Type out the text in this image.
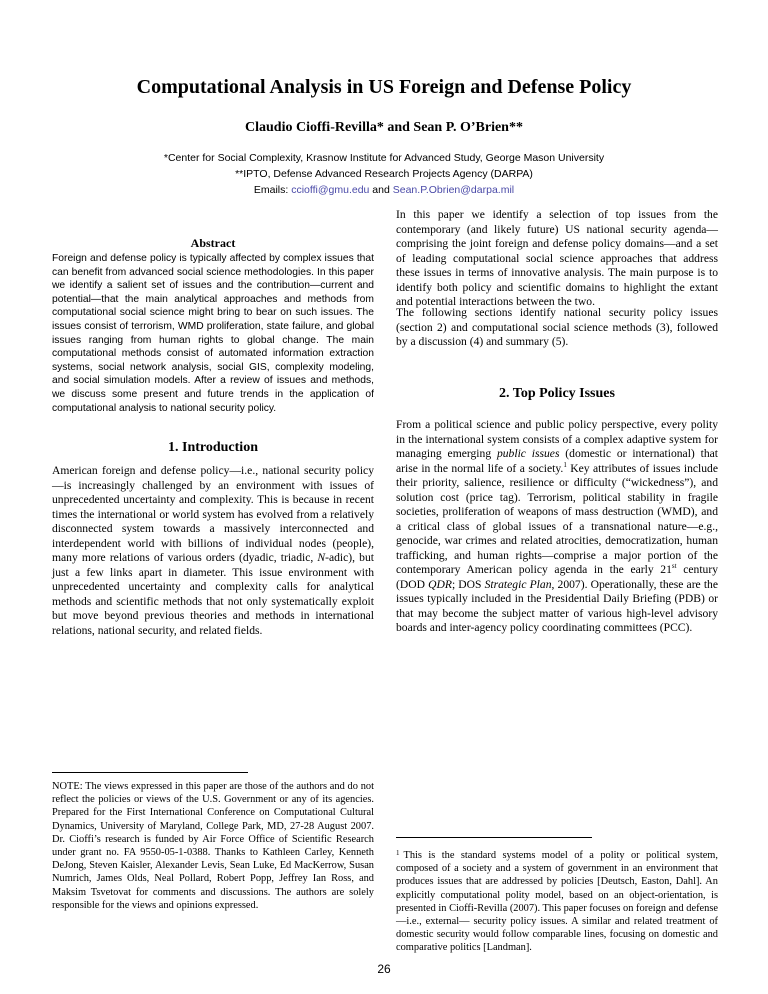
Computational Analysis in US Foreign and Defense Policy
Claudio Cioffi-Revilla* and Sean P. O’Brien**
*Center for Social Complexity, Krasnow Institute for Advanced Study, George Mason University
**IPTO, Defense Advanced Research Projects Agency (DARPA)
Emails: ccioffi@gmu.edu and Sean.P.Obrien@darpa.mil
Abstract
Foreign and defense policy is typically affected by complex issues that can benefit from advanced social science methodologies. In this paper we identify a salient set of issues and the contribution—current and potential—that the main analytical approaches and methods from computational social science might bring to bear on such issues. The issues consist of terrorism, WMD proliferation, state failure, and global issues ranging from human rights to global change. The main computational methods consist of automated information extraction systems, social network analysis, social GIS, complexity modeling, and social simulation models. After a review of issues and methods, we discuss some present and future trends in the application of computational analysis to national security policy.
In this paper we identify a selection of top issues from the contemporary (and likely future) US national security agenda—comprising the joint foreign and defense policy domains—and a set of leading computational social science approaches that address these issues in terms of innovative analysis. The main purpose is to identify both policy and scientific domains to highlight the extant and potential interactions between the two.
The following sections identify national security policy issues (section 2) and computational social science methods (3), followed by a discussion (4) and summary (5).
2. Top Policy Issues
From a political science and public policy perspective, every polity in the international system consists of a complex adaptive system for managing emerging public issues (domestic or international) that arise in the normal life of a society.$^1$ Key attributes of issues include their priority, salience, resilience or difficulty (“wickedness”), and solution cost (price tag). Terrorism, political stability in fragile societies, proliferation of weapons of mass destruction (WMD), and a critical class of global issues of a transnational nature—e.g., genocide, war crimes and related atrocities, democratization, human trafficking, and human rights—comprise a major portion of the contemporary American policy agenda in the early 21st century (DOD QDR; DOS Strategic Plan, 2007). Operationally, these are the issues typically included in the Presidential Daily Briefing (PDB) or that may become the subject matter of various high-level advisory boards and inter-agency policy coordinating committees (PCC).
1. Introduction
American foreign and defense policy—i.e., national security policy—is increasingly challenged by an environment with issues of unprecedented uncertainty and complexity. This is because in recent times the international or world system has evolved from a relatively disconnected system towards a massively interconnected and interdependent world with billions of individual nodes (people), many more relations of various orders (dyadic, triadic, N-adic), but just a few links apart in diameter. This issue environment with unprecedented uncertainty and complexity calls for analytical methods and scientific methods that not only systematically exploit but move beyond previous theories and methods in international relations, national security, and related fields.
NOTE: The views expressed in this paper are those of the authors and do not reflect the policies or views of the U.S. Government or any of its agencies. Prepared for the First International Conference on Computational Cultural Dynamics, University of Maryland, College Park, MD, 27-28 August 2007. Dr. Cioffi’s research is funded by Air Force Office of Scientific Research under grant no. FA 9550-05-1-0388. Thanks to Kathleen Carley, Kenneth DeJong, Steven Kaisler, Alexander Levis, Sean Luke, Ed MacKerrow, Susan Numrich, James Olds, Neal Pollard, Robert Popp, Jeffrey Ian Ross, and Maksim Tsvetovat for comments and discussions. The authors are solely responsible for the views and opinions expressed.
$^1$ This is the standard systems model of a polity or political system, composed of a society and a system of government in an environment that produces issues that are addressed by policies [Deutsch, Easton, Dahl]. An explicitly computational polity model, based on an object-orientation, is presented in Cioffi-Revilla (2007). This paper focuses on foreign and defense—i.e., external— security policy issues. A similar and related treatment of domestic security would follow comparable lines, focusing on domestic and comparative politics [Landman].
26
